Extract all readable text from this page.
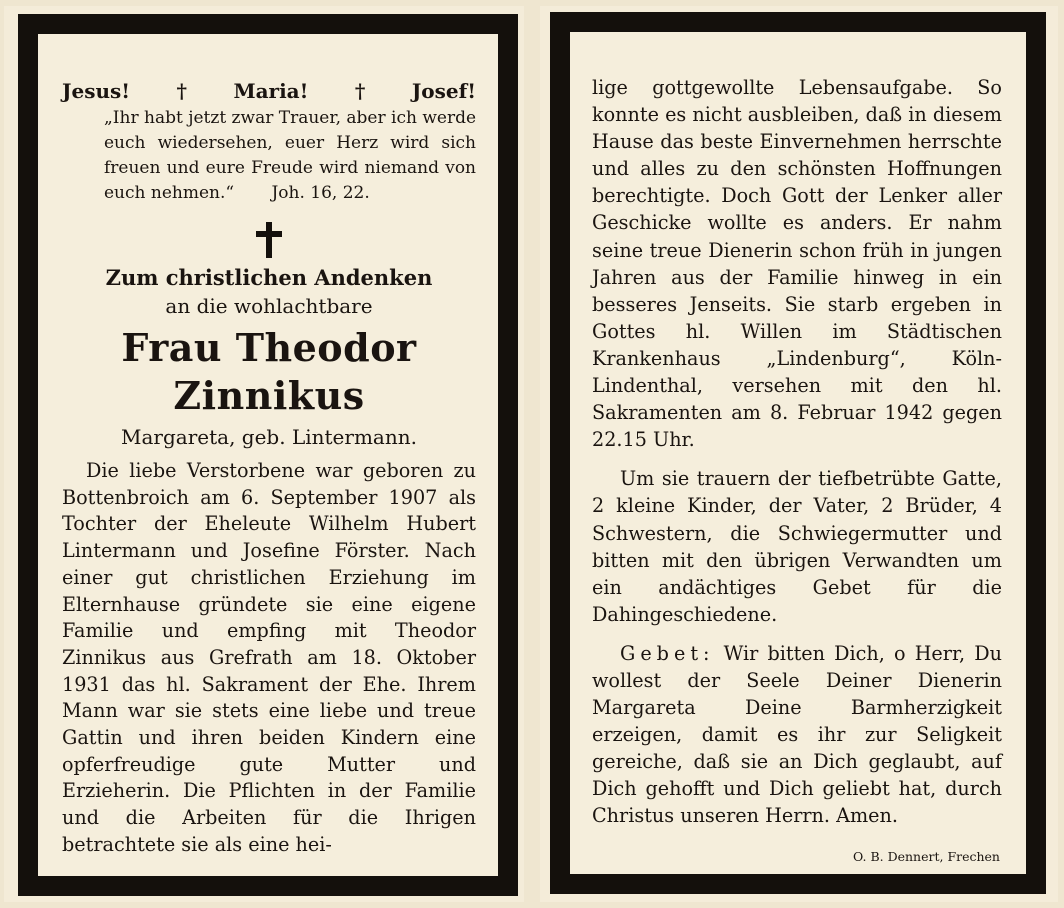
Jesus! † Maria! † Josef!
„Ihr habt jetzt zwar Trauer, aber ich werde euch wiedersehen, euer Herz wird sich freuen und eure Freude wird niemand von euch nehmen.“ Joh. 16, 22.
Zum christlichen Andenken
an die wohlachtbare
Frau Theodor Zinnikus
Margareta, geb. Lintermann.

Die liebe Verstorbene war geboren zu Bottenbroich am 6. September 1907 als Tochter der Eheleute Wilhelm Hubert Lintermann und Josefine Förster. Nach einer gut christlichen Erziehung im Elternhause gründete sie eine eigene Familie und empfing mit Theodor Zinnikus aus Grefrath am 18. Oktober 1931 das hl. Sakrament der Ehe. Ihrem Mann war sie stets eine liebe und treue Gattin und ihren beiden Kindern eine opferfreudige gute Mutter und Erzieherin. Die Pflichten in der Familie und die Arbeiten für die Ihrigen betrachtete sie als eine hei-

lige gottgewollte Lebensaufgabe. So konnte es nicht ausbleiben, daß in diesem Hause das beste Einvernehmen herrschte und alles zu den schönsten Hoffnungen berechtigte. Doch Gott der Lenker aller Geschicke wollte es anders. Er nahm seine treue Dienerin schon früh in jungen Jahren aus der Familie hinweg in ein besseres Jenseits. Sie starb ergeben in Gottes hl. Willen im Städtischen Krankenhaus „Lindenburg“, Köln-Lindenthal, versehen mit den hl. Sakramenten am 8. Februar 1942 gegen 22.15 Uhr.

Um sie trauern der tiefbetrübte Gatte, 2 kleine Kinder, der Vater, 2 Brüder, 4 Schwestern, die Schwiegermutter und bitten mit den übrigen Verwandten um ein andächtiges Gebet für die Dahingeschiedene.

Gebet: Wir bitten Dich, o Herr, Du wollest der Seele Deiner Dienerin Margareta Deine Barmherzigkeit erzeigen, damit es ihr zur Seligkeit gereiche, daß sie an Dich geglaubt, auf Dich gehofft und Dich geliebt hat, durch Christus unseren Herrn. Amen.

O. B. Dennert, Frechen
